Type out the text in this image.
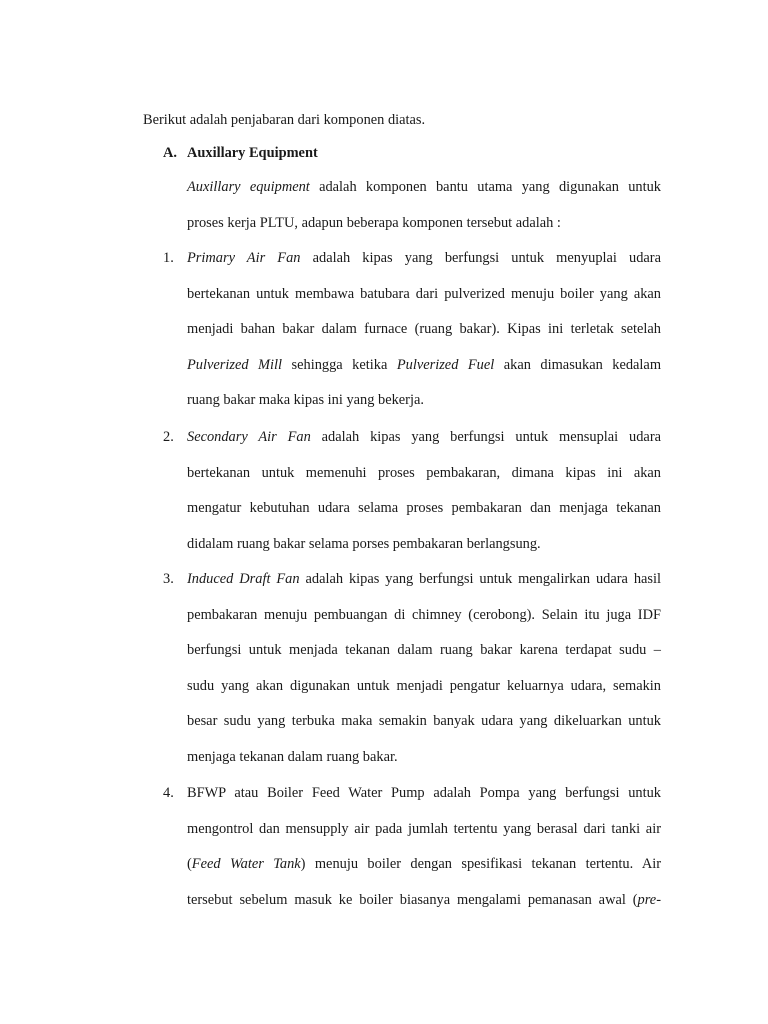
Berikut adalah penjabaran dari komponen diatas.

A. Auxillary Equipment
Auxillary equipment adalah komponen bantu utama yang digunakan untuk
proses kerja PLTU, adapun beberapa komponen tersebut adalah :
1. Primary Air Fan adalah kipas yang berfungsi untuk menyuplai udara
bertekanan untuk membawa batubara dari pulverized menuju boiler yang akan
menjadi bahan bakar dalam furnace (ruang bakar). Kipas ini terletak setelah
Pulverized Mill sehingga ketika Pulverized Fuel akan dimasukan kedalam
ruang bakar maka kipas ini yang bekerja.
2. Secondary Air Fan adalah kipas yang berfungsi untuk mensuplai udara
bertekanan untuk memenuhi proses pembakaran, dimana kipas ini akan
mengatur kebutuhan udara selama proses pembakaran dan menjaga tekanan
didalam ruang bakar selama porses pembakaran berlangsung.
3. Induced Draft Fan adalah kipas yang berfungsi untuk mengalirkan udara hasil
pembakaran menuju pembuangan di chimney (cerobong). Selain itu juga IDF
berfungsi untuk menjada tekanan dalam ruang bakar karena terdapat sudu –
sudu yang akan digunakan untuk menjadi pengatur keluarnya udara, semakin
besar sudu yang terbuka maka semakin banyak udara yang dikeluarkan untuk
menjaga tekanan dalam ruang bakar.
4. BFWP atau Boiler Feed Water Pump adalah Pompa yang berfungsi untuk
mengontrol dan mensupply air pada jumlah tertentu yang berasal dari tanki air
(Feed Water Tank) menuju boiler dengan spesifikasi tekanan tertentu. Air
tersebut sebelum masuk ke boiler biasanya mengalami pemanasan awal (pre-
